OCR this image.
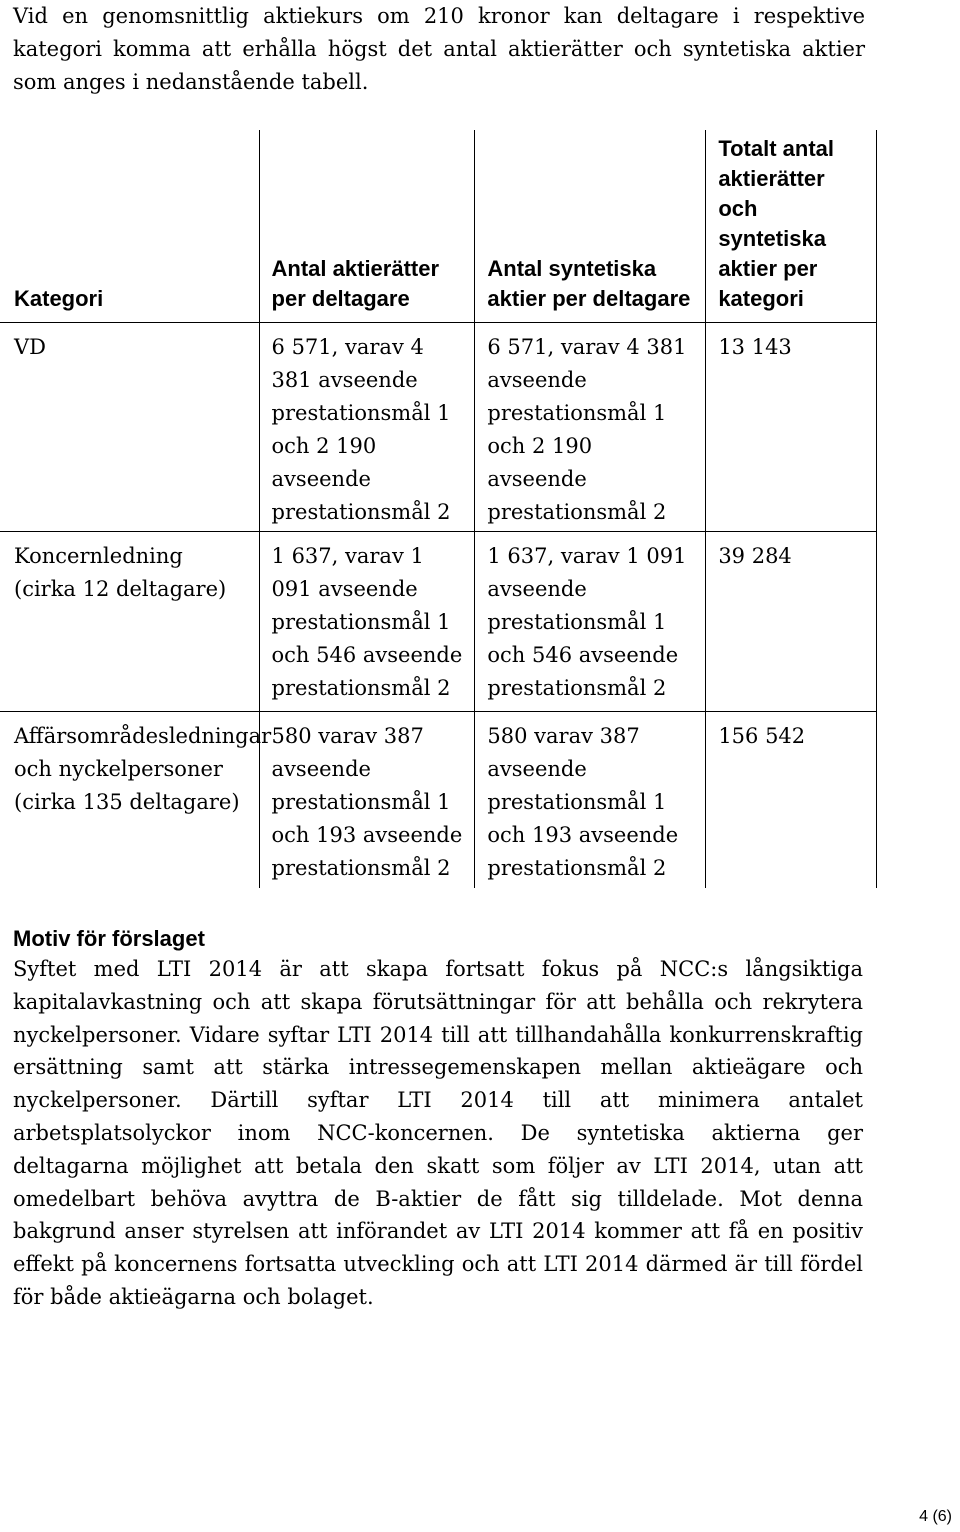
Vid en genomsnittlig aktiekurs om 210 kronor kan deltagare i respektive kategori komma att erhålla högst det antal aktierätter och syntetiska aktier som anges i nedanstående tabell.

Kategori	Antal aktierätter per deltagare	Antal syntetiska aktier per deltagare	Totalt antal aktierätter och syntetiska aktier per kategori
VD	6 571, varav 4 381 avseende prestationsmål 1 och 2 190 avseende prestationsmål 2	6 571, varav 4 381 avseende prestationsmål 1 och 2 190 avseende prestationsmål 2	13 143
Koncernledning (cirka 12 deltagare)	1 637, varav 1 091 avseende prestationsmål 1 och 546 avseende prestationsmål 2	1 637, varav 1 091 avseende prestationsmål 1 och 546 avseende prestationsmål 2	39 284
Affärsområdesledningar och nyckelpersoner (cirka 135 deltagare)	580 varav 387 avseende prestationsmål 1 och 193 avseende prestationsmål 2	580 varav 387 avseende prestationsmål 1 och 193 avseende prestationsmål 2	156 542
Motiv för förslaget

Syftet med LTI 2014 är att skapa fortsatt fokus på NCC:s långsiktiga kapitalavkastning och att skapa förutsättningar för att behålla och rekrytera nyckelpersoner. Vidare syftar LTI 2014 till att tillhandahålla konkurrenskraftig ersättning samt att stärka intressegemenskapen mellan aktieägare och nyckelpersoner. Därtill syftar LTI 2014 till att minimera antalet arbetsplatsolyckor inom NCC-koncernen. De syntetiska aktierna ger deltagarna möjlighet att betala den skatt som följer av LTI 2014, utan att omedelbart behöva avyttra de B-aktier de fått sig tilldelade. Mot denna bakgrund anser styrelsen att införandet av LTI 2014 kommer att få en positiv effekt på koncernens fortsatta utveckling och att LTI 2014 därmed är till fördel för både aktieägarna och bolaget.

4 (6)
